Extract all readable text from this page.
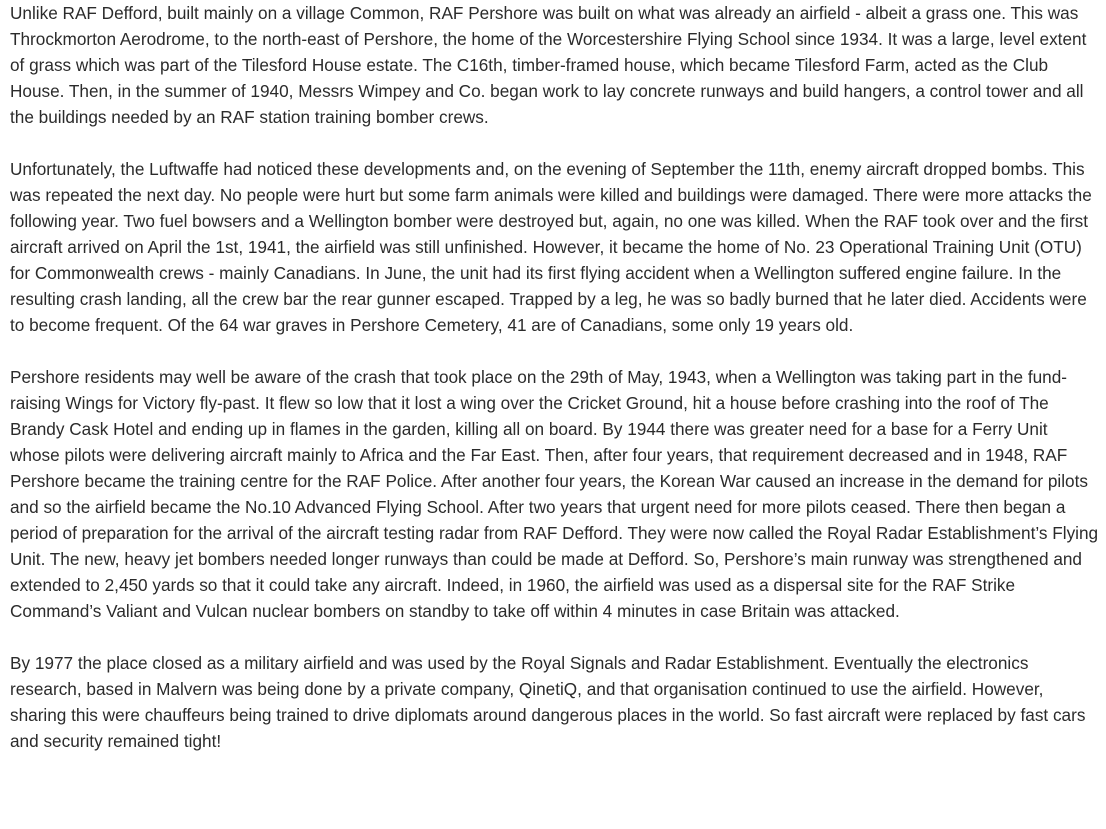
Unlike RAF Defford, built mainly on a village Common, RAF Pershore was built on what was already an airfield - albeit a grass one. This was Throckmorton Aerodrome, to the north-east of Pershore, the home of the Worcestershire Flying School since 1934. It was a large, level extent of grass which was part of the Tilesford House estate. The C16th, timber-framed house, which became Tilesford Farm, acted as the Club House. Then, in the summer of 1940, Messrs Wimpey and Co. began work to lay concrete runways and build hangers, a control tower and all the buildings needed by an RAF station training bomber crews.

Unfortunately, the Luftwaffe had noticed these developments and, on the evening of September the 11th, enemy aircraft dropped bombs. This was repeated the next day. No people were hurt but some farm animals were killed and buildings were damaged. There were more attacks the following year. Two fuel bowsers and a Wellington bomber were destroyed but, again, no one was killed. When the RAF took over and the first aircraft arrived on April the 1st, 1941, the airfield was still unfinished. However, it became the home of No. 23 Operational Training Unit (OTU) for Commonwealth crews - mainly Canadians. In June, the unit had its first flying accident when a Wellington suffered engine failure. In the resulting crash landing, all the crew bar the rear gunner escaped. Trapped by a leg, he was so badly burned that he later died. Accidents were to become frequent. Of the 64 war graves in Pershore Cemetery, 41 are of Canadians, some only 19 years old.

Pershore residents may well be aware of the crash that took place on the 29th of May, 1943, when a Wellington was taking part in the fund-raising Wings for Victory fly-past. It flew so low that it lost a wing over the Cricket Ground, hit a house before crashing into the roof of The Brandy Cask Hotel and ending up in flames in the garden, killing all on board. By 1944 there was greater need for a base for a Ferry Unit whose pilots were delivering aircraft mainly to Africa and the Far East. Then, after four years, that requirement decreased and in 1948, RAF Pershore became the training centre for the RAF Police. After another four years, the Korean War caused an increase in the demand for pilots and so the airfield became the No.10 Advanced Flying School. After two years that urgent need for more pilots ceased. There then began a period of preparation for the arrival of the aircraft testing radar from RAF Defford. They were now called the Royal Radar Establishment’s Flying Unit. The new, heavy jet bombers needed longer runways than could be made at Defford. So, Pershore’s main runway was strengthened and extended to 2,450 yards so that it could take any aircraft. Indeed, in 1960, the airfield was used as a dispersal site for the RAF Strike Command’s Valiant and Vulcan nuclear bombers on standby to take off within 4 minutes in case Britain was attacked.

By 1977 the place closed as a military airfield and was used by the Royal Signals and Radar Establishment. Eventually the electronics research, based in Malvern was being done by a private company, QinetiQ, and that organisation continued to use the airfield. However, sharing this were chauffeurs being trained to drive diplomats around dangerous places in the world. So fast aircraft were replaced by fast cars and security remained tight!
